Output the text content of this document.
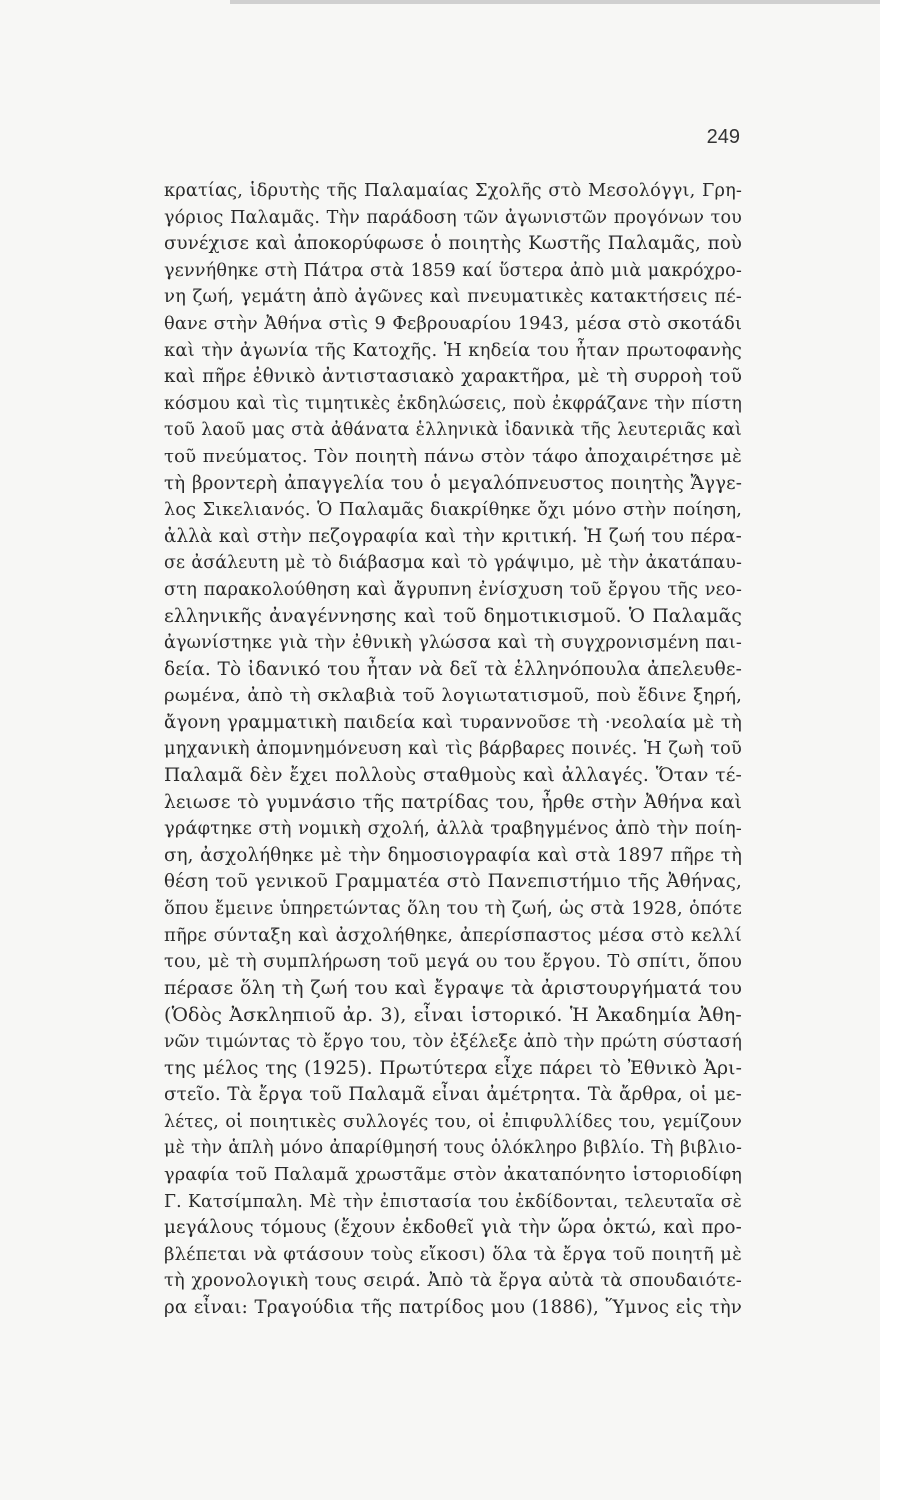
249
κρατίας, ἱδρυτὴς τῆς Παλαμαίας Σχολῆς στὸ Μεσολόγγι, Γρη-
γόριος Παλαμᾶς. Τὴν παράδοση τῶν ἀγωνιστῶν προγόνων του
συνέχισε καὶ ἀποκορύφωσε ὁ ποιητὴς Κωστῆς Παλαμᾶς, ποὺ
γεννήθηκε στὴ Πάτρα στὰ 1859 καί ὕστερα ἀπὸ μιὰ μακρόχρο-
νη ζωή, γεμάτη ἀπὸ ἀγῶνες καὶ πνευματικὲς κατακτήσεις πέ-
θανε στὴν Ἀθήνα στὶς 9 Φεβρουαρίου 1943, μέσα στὸ σκοτάδι
καὶ τὴν ἀγωνία τῆς Κατοχῆς. Ἡ κηδεία του ἦταν πρωτοφανὴς
καὶ πῆρε ἐθνικὸ ἀντιστασιακὸ χαρακτῆρα, μὲ τὴ συρροὴ τοῦ
κόσμου καὶ τὶς τιμητικὲς ἐκδηλώσεις, ποὺ ἐκφράζανε τὴν πίστη
τοῦ λαοῦ μας στὰ ἀθάνατα ἑλληνικὰ ἰδανικὰ τῆς λευτεριᾶς καὶ
τοῦ πνεύματος. Τὸν ποιητὴ πάνω στὸν τάφο ἀποχαιρέτησε μὲ
τὴ βροντερὴ ἀπαγγελία του ὁ μεγαλόπνευστος ποιητὴς Ἄγγε-
λος Σικελιανός. Ὁ Παλαμᾶς διακρίθηκε ὄχι μόνο στὴν ποίηση,
ἀλλὰ καὶ στὴν πεζογραφία καὶ τὴν κριτική. Ἡ ζωή του πέρα-
σε ἀσάλευτη μὲ τὸ διάβασμα καὶ τὸ γράψιμο, μὲ τὴν ἀκατάπαυ-
στη παρακολούθηση καὶ ἄγρυπνη ἐνίσχυση τοῦ ἔργου τῆς νεο-
ελληνικῆς ἀναγέννησης καὶ τοῦ δημοτικισμοῦ. Ὁ Παλαμᾶς
ἀγωνίστηκε γιὰ τὴν ἐθνικὴ γλώσσα καὶ τὴ συγχρονισμένη παι-
δεία. Τὸ ἰδανικό του ἦταν νὰ δεῖ τὰ ἑλληνόπουλα ἀπελευθε-
ρωμένα, ἀπὸ τὴ σκλαβιὰ τοῦ λογιωτατισμοῦ, ποὺ ἔδινε ξηρή,
ἄγονη γραμματικὴ παιδεία καὶ τυραννοῦσε τὴ ·νεολαία μὲ τὴ
μηχανικὴ ἀπομνημόνευση καὶ τὶς βάρβαρες ποινές. Ἡ ζωὴ τοῦ
Παλαμᾶ δὲν ἔχει πολλοὺς σταθμοὺς καὶ ἀλλαγές. Ὅταν τέ-
λειωσε τὸ γυμνάσιο τῆς πατρίδας του, ἦρθε στὴν Ἀθήνα καὶ
γράφτηκε στὴ νομικὴ σχολή, ἀλλὰ τραβηγμένος ἀπὸ τὴν ποίη-
ση, ἀσχολήθηκε μὲ τὴν δημοσιογραφία καὶ στὰ 1897 πῆρε τὴ
θέση τοῦ γενικοῦ Γραμματέα στὸ Πανεπιστήμιο τῆς Ἀθήνας,
ὅπου ἔμεινε ὑπηρετώντας ὅλη του τὴ ζωή, ὡς στὰ 1928, ὁπότε
πῆρε σύνταξη καὶ ἀσχολήθηκε, ἀπερίσπαστος μέσα στὸ κελλί
του, μὲ τὴ συμπλήρωση τοῦ μεγά ου του ἔργου. Τὸ σπίτι, ὅπου
πέρασε ὅλη τὴ ζωή του καὶ ἔγραψε τὰ ἀριστουργήματά του
(Ὁδὸς Ἀσκληπιοῦ ἀρ. 3), εἶναι ἱστορικό. Ἡ Ἀκαδημία Ἀθη-
νῶν τιμώντας τὸ ἔργο του, τὸν ἐξέλεξε ἀπὸ τὴν πρώτη σύστασή
της μέλος της (1925). Πρωτύτερα εἶχε πάρει τὸ Ἐθνικὸ Ἀρι-
στεῖο. Τὰ ἔργα τοῦ Παλαμᾶ εἶναι ἀμέτρητα. Τὰ ἄρθρα, οἱ με-
λέτες, οἱ ποιητικὲς συλλογές του, οἱ ἐπιφυλλίδες του, γεμίζουν
μὲ τὴν ἁπλὴ μόνο ἀπαρίθμησή τους ὁλόκληρο βιβλίο. Τὴ βιβλιο-
γραφία τοῦ Παλαμᾶ χρωστᾶμε στὸν ἀκαταπόνητο ἱστοριοδίφη
Γ. Κατσίμπαλη. Μὲ τὴν ἐπιστασία του ἐκδίδονται, τελευταῖα σὲ
μεγάλους τόμους (ἔχουν ἐκδοθεῖ γιὰ τὴν ὥρα ὀκτώ, καὶ προ-
βλέπεται νὰ φτάσουν τοὺς εἴκοσι) ὅλα τὰ ἔργα τοῦ ποιητῆ μὲ
τὴ χρονολογικὴ τους σειρά. Ἀπὸ τὰ ἔργα αὐτὰ τὰ σπουδαιότε-
ρα εἶναι: Τραγούδια τῆς πατρίδος μου (1886), Ὕμνος εἰς τὴν
